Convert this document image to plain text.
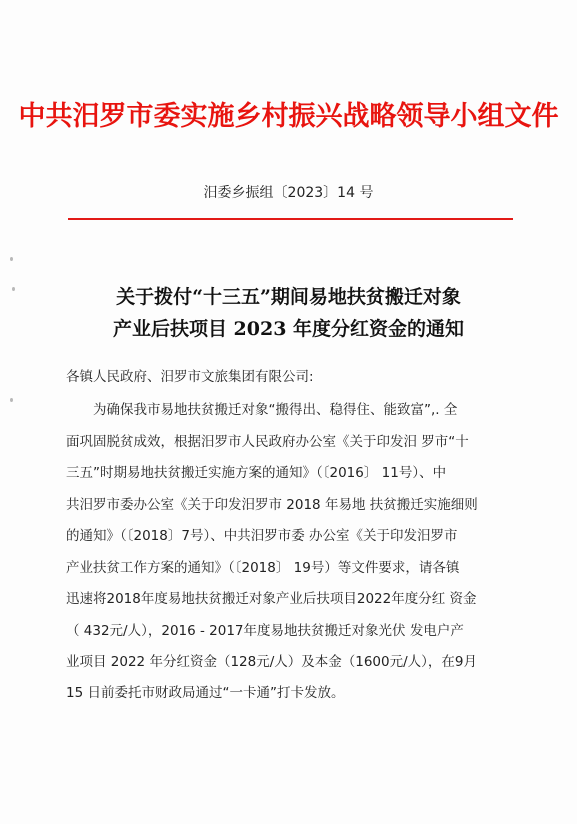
中共汨罗市委实施乡村振兴战略领导小组文件
汨委乡振组〔2023〕14 号
关于拨付“十三五”期间易地扶贫搬迁对象
产业后扶项目 2023 年度分红资金的通知
各镇人民政府、汨罗市文旅集团有限公司:
　　为确保我市易地扶贫搬迁对象“搬得出、稳得住、能致富”,. 全
面巩固脱贫成效，根据汨罗市人民政府办公室《关于印发汨 罗市“十
三五”时期易地扶贫搬迁实施方案的通知》（〔2016〕 11号）、中
共汨罗市委办公室《关于印发汨罗市 2018 年易地 扶贫搬迁实施细则
的通知》（〔2018〕7号）、中共汨罗市委 办公室《关于印发汨罗市
产业扶贫工作方案的通知》（〔2018〕 19号）等文件要求，请各镇
迅速将2018年度易地扶贫搬迁对象产业后扶项目2022年度分红 资金
（ 432元/人），2016 - 2017年度易地扶贫搬迁对象光伏 发电户产
业项目 2022 年分红资金（128元/人）及本金（1600元/人），在9月
15 日前委托市财政局通过“一卡通”打卡发放。
